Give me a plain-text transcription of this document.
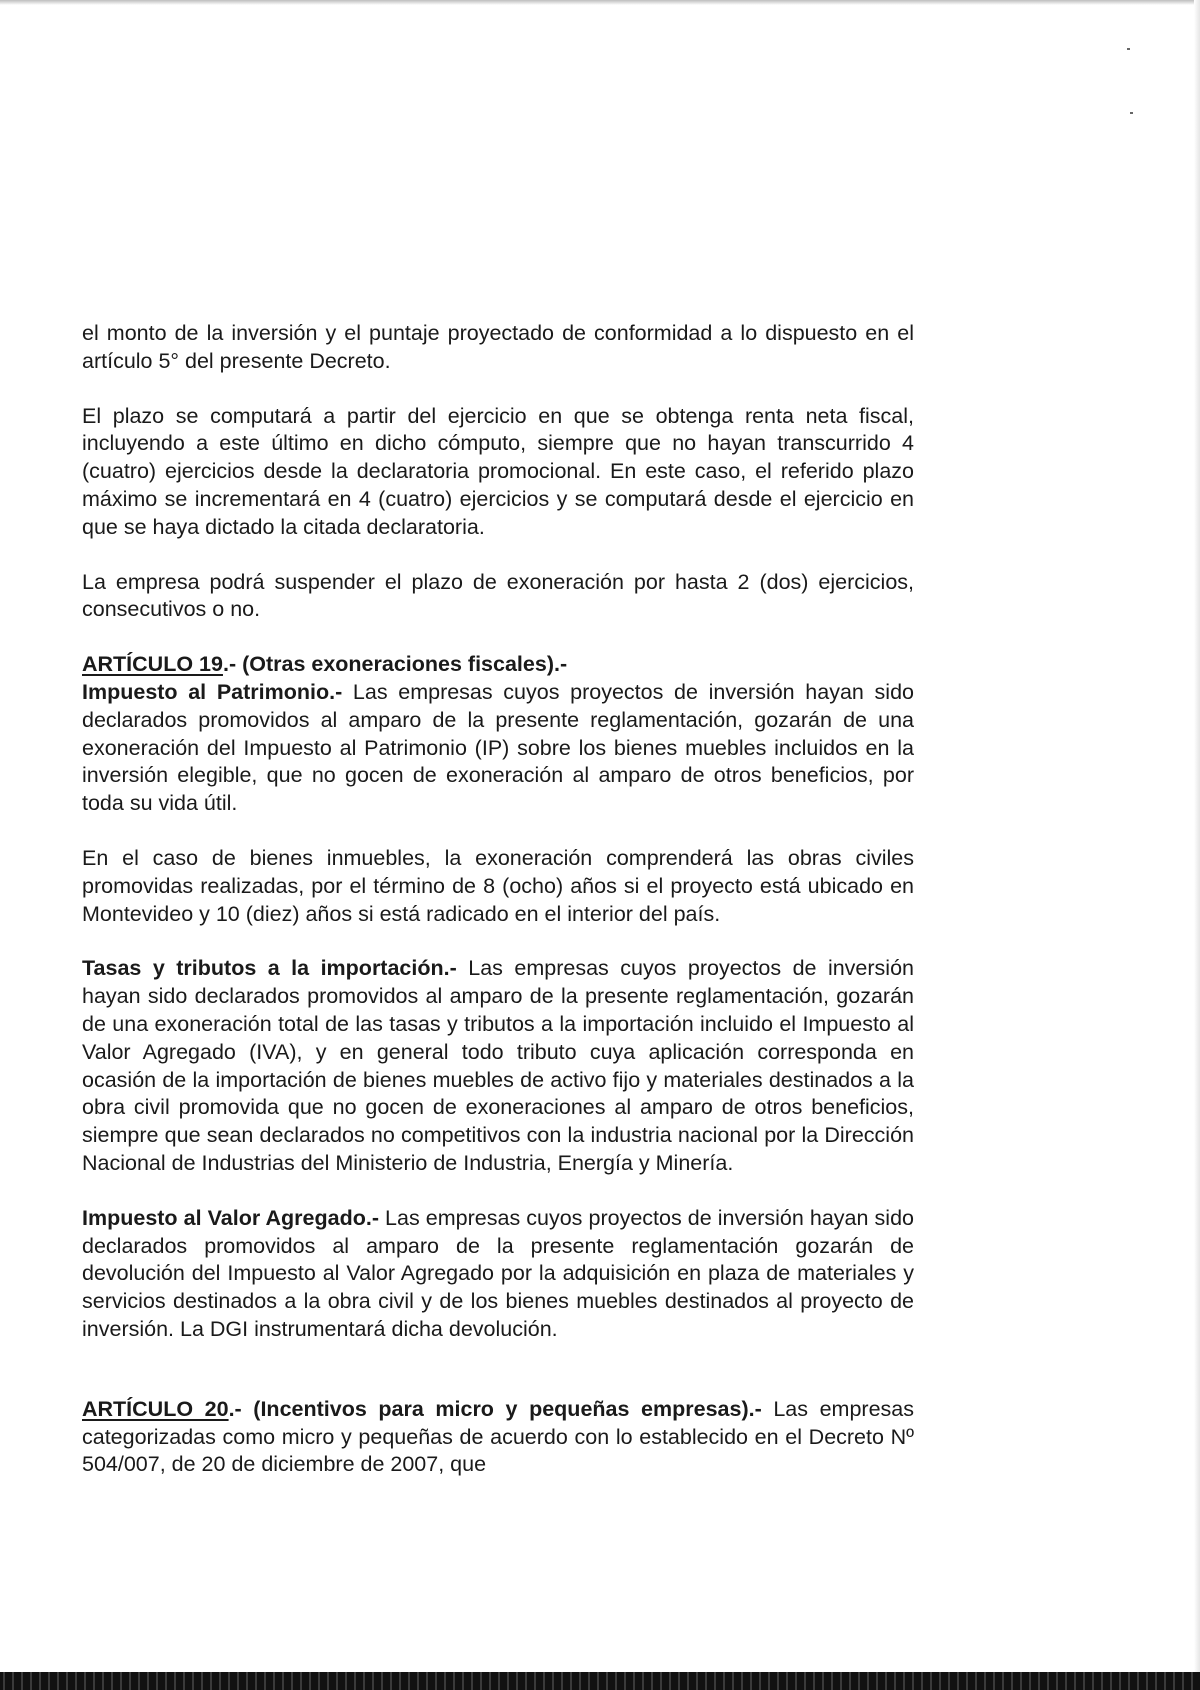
el monto de la inversión y el puntaje proyectado de conformidad a lo dispuesto en el artículo 5° del presente Decreto.

El plazo se computará a partir del ejercicio en que se obtenga renta neta fiscal, incluyendo a este último en dicho cómputo, siempre que no hayan transcurrido 4 (cuatro) ejercicios desde la declaratoria promocional. En este caso, el referido plazo máximo se incrementará en 4 (cuatro) ejercicios y se computará desde el ejercicio en que se haya dictado la citada declaratoria.

La empresa podrá suspender el plazo de exoneración por hasta 2 (dos) ejercicios, consecutivos o no.

ARTÍCULO 19.- (Otras exoneraciones fiscales).-

Impuesto al Patrimonio.- Las empresas cuyos proyectos de inversión hayan sido declarados promovidos al amparo de la presente reglamentación, gozarán de una exoneración del Impuesto al Patrimonio (IP) sobre los bienes muebles incluidos en la inversión elegible, que no gocen de exoneración al amparo de otros beneficios, por toda su vida útil.

En el caso de bienes inmuebles, la exoneración comprenderá las obras civiles promovidas realizadas, por el término de 8 (ocho) años si el proyecto está ubicado en Montevideo y 10 (diez) años si está radicado en el interior del país.

Tasas y tributos a la importación.- Las empresas cuyos proyectos de inversión hayan sido declarados promovidos al amparo de la presente reglamentación, gozarán de una exoneración total de las tasas y tributos a la importación incluido el Impuesto al Valor Agregado (IVA), y en general todo tributo cuya aplicación corresponda en ocasión de la importación de bienes muebles de activo fijo y materiales destinados a la obra civil promovida que no gocen de exoneraciones al amparo de otros beneficios, siempre que sean declarados no competitivos con la industria nacional por la Dirección Nacional de Industrias del Ministerio de Industria, Energía y Minería.

Impuesto al Valor Agregado.- Las empresas cuyos proyectos de inversión hayan sido declarados promovidos al amparo de la presente reglamentación gozarán de devolución del Impuesto al Valor Agregado por la adquisición en plaza de materiales y servicios destinados a la obra civil y de los bienes muebles destinados al proyecto de inversión. La DGI instrumentará dicha devolución.

ARTÍCULO 20.- (Incentivos para micro y pequeñas empresas).- Las empresas categorizadas como micro y pequeñas de acuerdo con lo establecido en el Decreto Nº 504/007, de 20 de diciembre de 2007, que
